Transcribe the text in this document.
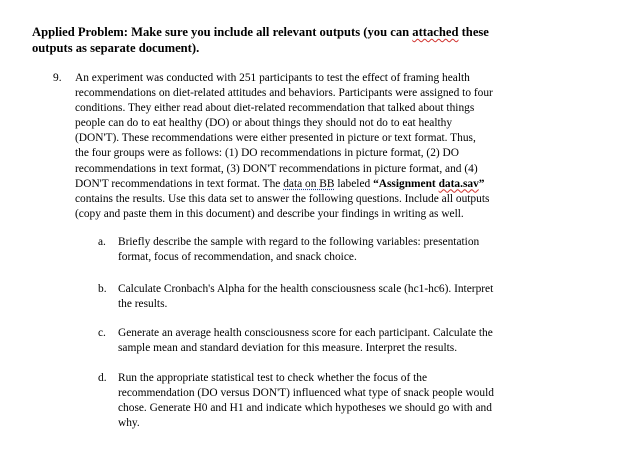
Applied Problem: Make sure you include all relevant outputs (you can attached these
outputs as separate document).
9. An experiment was conducted with 251 participants to test the effect of framing health
recommendations on diet-related attitudes and behaviors. Participants were assigned to four
conditions. They either read about diet-related recommendation that talked about things
people can do to eat healthy (DO) or about things they should not do to eat healthy
(DON'T). These recommendations were either presented in picture or text format. Thus,
the four groups were as follows: (1) DO recommendations in picture format, (2) DO
recommendations in text format, (3) DON'T recommendations in picture format, and (4)
DON'T recommendations in text format. The data on BB labeled “Assignment data.sav”
contains the results. Use this data set to answer the following questions. Include all outputs
(copy and paste them in this document) and describe your findings in writing as well.
a. Briefly describe the sample with regard to the following variables: presentation
format, focus of recommendation, and snack choice.
b. Calculate Cronbach's Alpha for the health consciousness scale (hc1-hc6). Interpret
the results.
c. Generate an average health consciousness score for each participant. Calculate the
sample mean and standard deviation for this measure. Interpret the results.
d. Run the appropriate statistical test to check whether the focus of the
recommendation (DO versus DON'T) influenced what type of snack people would
chose. Generate H0 and H1 and indicate which hypotheses we should go with and
why.
